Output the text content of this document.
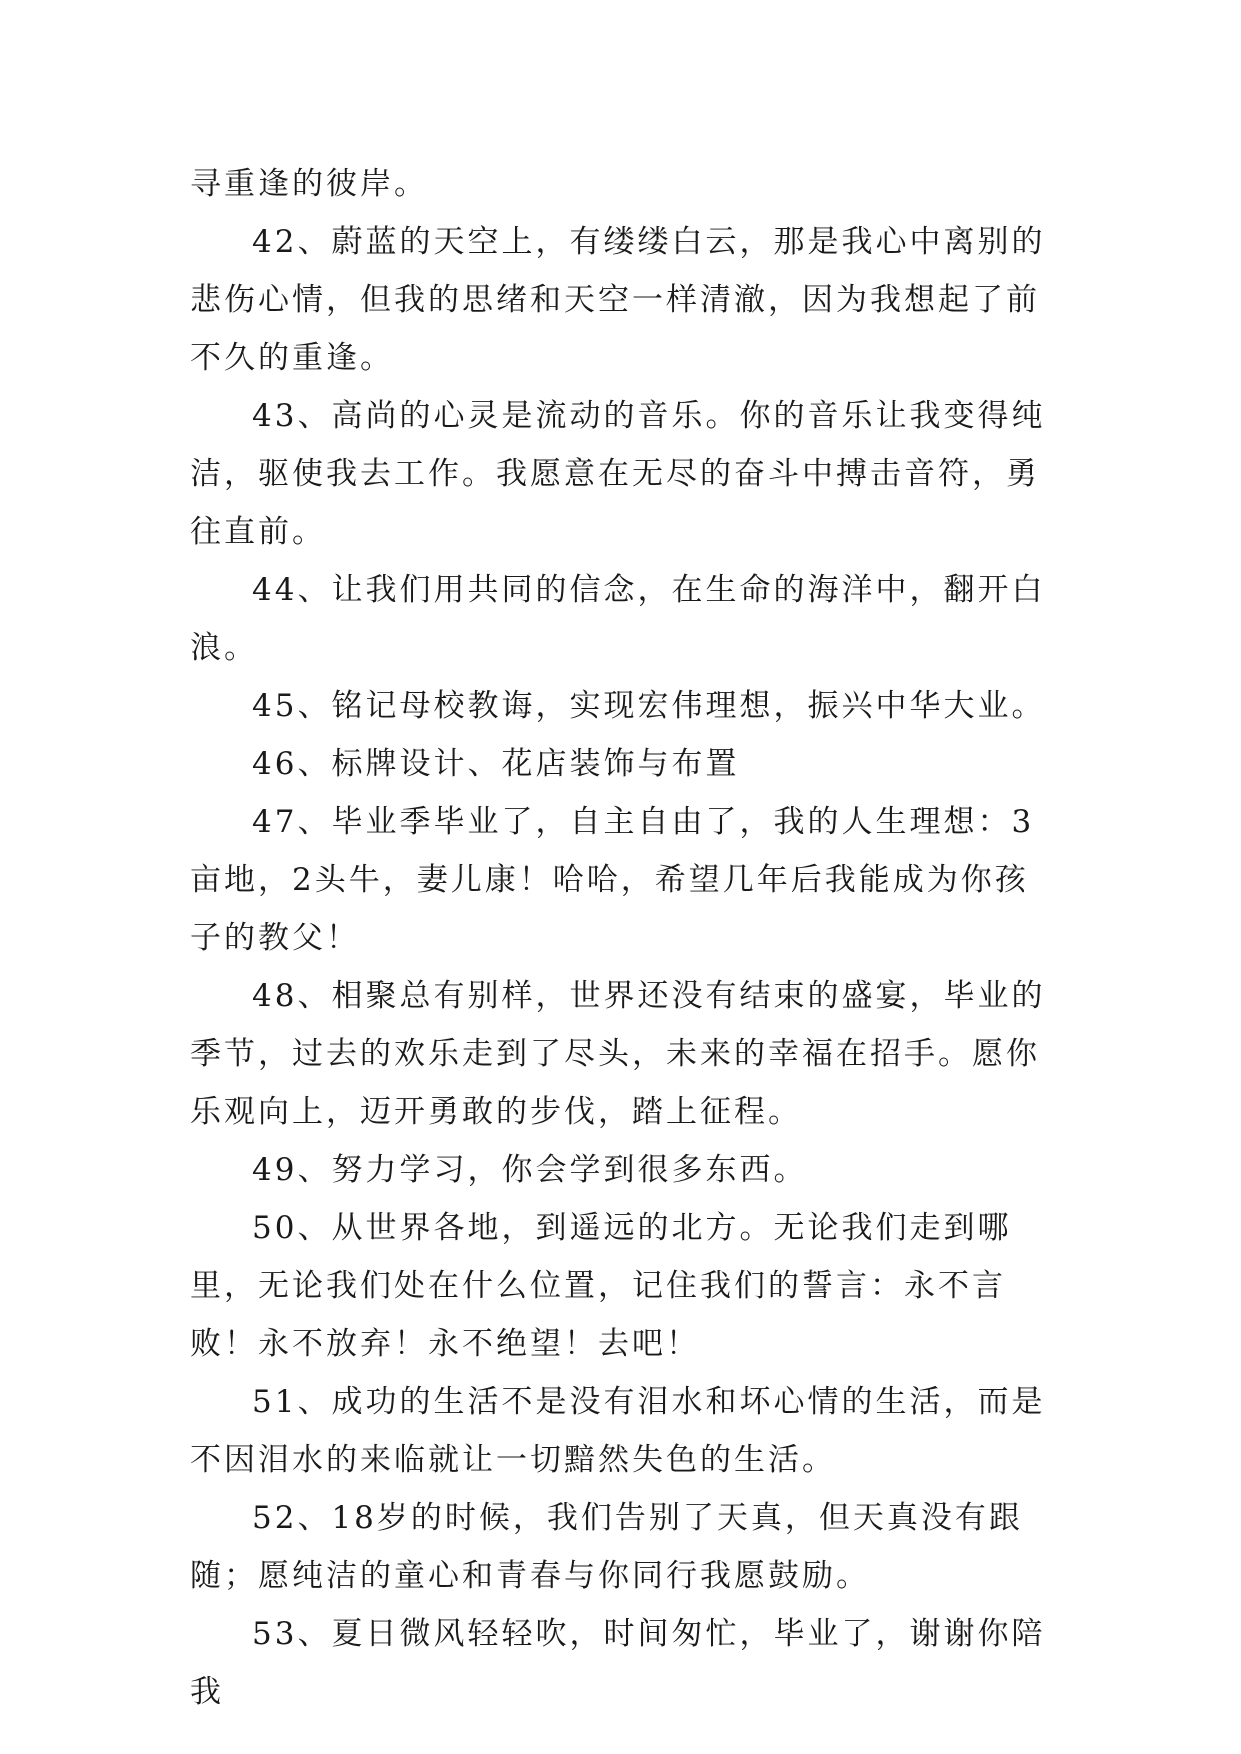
寻重逢的彼岸。

42、蔚蓝的天空上，有缕缕白云，那是我心中离别的悲伤心情，但我的思绪和天空一样清澈，因为我想起了前不久的重逢。

43、高尚的心灵是流动的音乐。你的音乐让我变得纯洁，驱使我去工作。我愿意在无尽的奋斗中搏击音符，勇往直前。

44、让我们用共同的信念，在生命的海洋中，翻开白浪。

45、铭记母校教诲，实现宏伟理想，振兴中华大业。

46、标牌设计、花店装饰与布置

47、毕业季毕业了，自主自由了，我的人生理想：3亩地，2头牛，妻儿康！哈哈，希望几年后我能成为你孩子的教父！

48、相聚总有别样，世界还没有结束的盛宴，毕业的季节，过去的欢乐走到了尽头，未来的幸福在招手。愿你乐观向上，迈开勇敢的步伐，踏上征程。

49、努力学习，你会学到很多东西。

50、从世界各地，到遥远的北方。无论我们走到哪里，无论我们处在什么位置，记住我们的誓言：永不言败！永不放弃！永不绝望！去吧！

51、成功的生活不是没有泪水和坏心情的生活，而是不因泪水的来临就让一切黯然失色的生活。

52、18岁的时候，我们告别了天真，但天真没有跟随；愿纯洁的童心和青春与你同行我愿鼓励。

53、夏日微风轻轻吹，时间匆忙，毕业了，谢谢你陪我
